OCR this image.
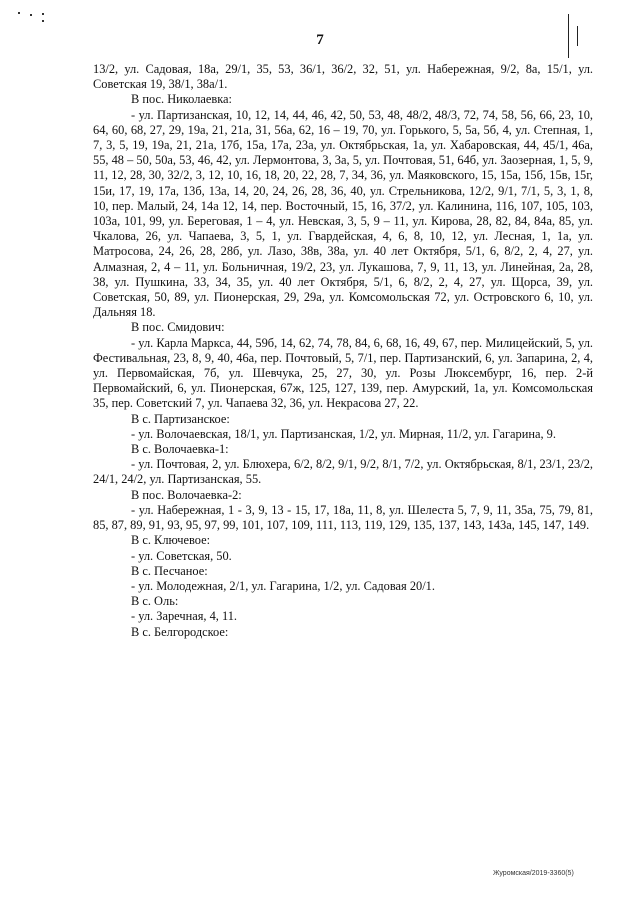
7

13/2, ул. Садовая, 18а, 29/1, 35, 53, 36/1, 36/2, 32, 51, ул. Набережная, 9/2, 8а, 15/1, ул. Советская 19, 38/1, 38а/1.

В пос. Николаевка:

- ул. Партизанская, 10, 12, 14, 44, 46, 42, 50, 53, 48, 48/2, 48/3, 72, 74, 58, 56, 66, 23, 10, 64, 60, 68, 27, 29, 19а, 21, 21а, 31, 56а, 62, 16 – 19, 70, ул. Горького, 5, 5а, 5б, 4, ул. Степная, 1, 7, 3, 5, 19, 19а, 21, 21а, 17б, 15а, 17а, 23а, ул. Октябрьская, 1а, ул. Хабаровская, 44, 45/1, 46а, 55, 48 – 50, 50а, 53, 46, 42, ул. Лермонтова, 3, 3а, 5, ул. Почтовая, 51, 64б, ул. Заозерная, 1, 5, 9, 11, 12, 28, 30, 32/2, 3, 12, 10, 16, 18, 20, 22, 28, 7, 34, 36, ул. Маяковского, 15, 15а, 15б, 15в, 15г, 15и, 17, 19, 17а, 13б, 13а, 14, 20, 24, 26, 28, 36, 40, ул. Стрельникова, 12/2, 9/1, 7/1, 5, 3, 1, 8, 10, пер. Малый, 24, 14а 12, 14, пер. Восточный, 15, 16, 37/2, ул. Калинина, 116, 107, 105, 103, 103а, 101, 99, ул. Береговая, 1 – 4, ул. Невская, 3, 5, 9 – 11, ул. Кирова, 28, 82, 84, 84а, 85, ул. Чкалова, 26, ул. Чапаева, 3, 5, 1, ул. Гвардейская, 4, 6, 8, 10, 12, ул. Лесная, 1, 1а, ул. Матросова, 24, 26, 28, 28б, ул. Лазо, 38в, 38а, ул. 40 лет Октября, 5/1, 6, 8/2, 2, 4, 27, ул. Алмазная, 2, 4 – 11, ул. Больничная, 19/2, 23, ул. Лукашова, 7, 9, 11, 13, ул. Линейная, 2а, 28, 38, ул. Пушкина, 33, 34, 35, ул. 40 лет Октября, 5/1, 6, 8/2, 2, 4, 27, ул. Щорса, 39, ул. Советская, 50, 89, ул. Пионерская, 29, 29а, ул. Комсомольская 72, ул. Островского 6, 10, ул. Дальняя 18.

В пос. Смидович:

- ул. Карла Маркса, 44, 59б, 14, 62, 74, 78, 84, 6, 68, 16, 49, 67, пер. Милицейский, 5, ул. Фестивальная, 23, 8, 9, 40, 46а, пер. Почтовый, 5, 7/1, пер. Партизанский, 6, ул. Запарина, 2, 4, ул. Первомайская, 7б, ул. Шевчука, 25, 27, 30, ул. Розы Люксембург, 16, пер. 2-й Первомайский, 6, ул. Пионерская, 67ж, 125, 127, 139, пер. Амурский, 1а, ул. Комсомольская 35, пер. Советский 7, ул. Чапаева 32, 36, ул. Некрасова 27, 22.

В с. Партизанское:

- ул. Волочаевская, 18/1, ул. Партизанская, 1/2, ул. Мирная, 11/2, ул. Гагарина, 9.

В с. Волочаевка-1:

- ул. Почтовая, 2, ул. Блюхера, 6/2, 8/2, 9/1, 9/2, 8/1, 7/2, ул. Октябрьская, 8/1, 23/1, 23/2, 24/1, 24/2, ул. Партизанская, 55.

В пос. Волочаевка-2:

- ул. Набережная, 1 - 3, 9, 13 - 15, 17, 18а, 11, 8, ул. Шелеста 5, 7, 9, 11, 35а, 75, 79, 81, 85, 87, 89, 91, 93, 95, 97, 99, 101, 107, 109, 111, 113, 119, 129, 135, 137, 143, 143а, 145, 147, 149.

В с. Ключевое:

- ул. Советская, 50.

В с. Песчаное:

- ул. Молодежная, 2/1, ул. Гагарина, 1/2, ул. Садовая 20/1.

В с. Оль:

- ул. Заречная, 4, 11.

В с. Белгородское:

Журомская/2019-3360(5)
